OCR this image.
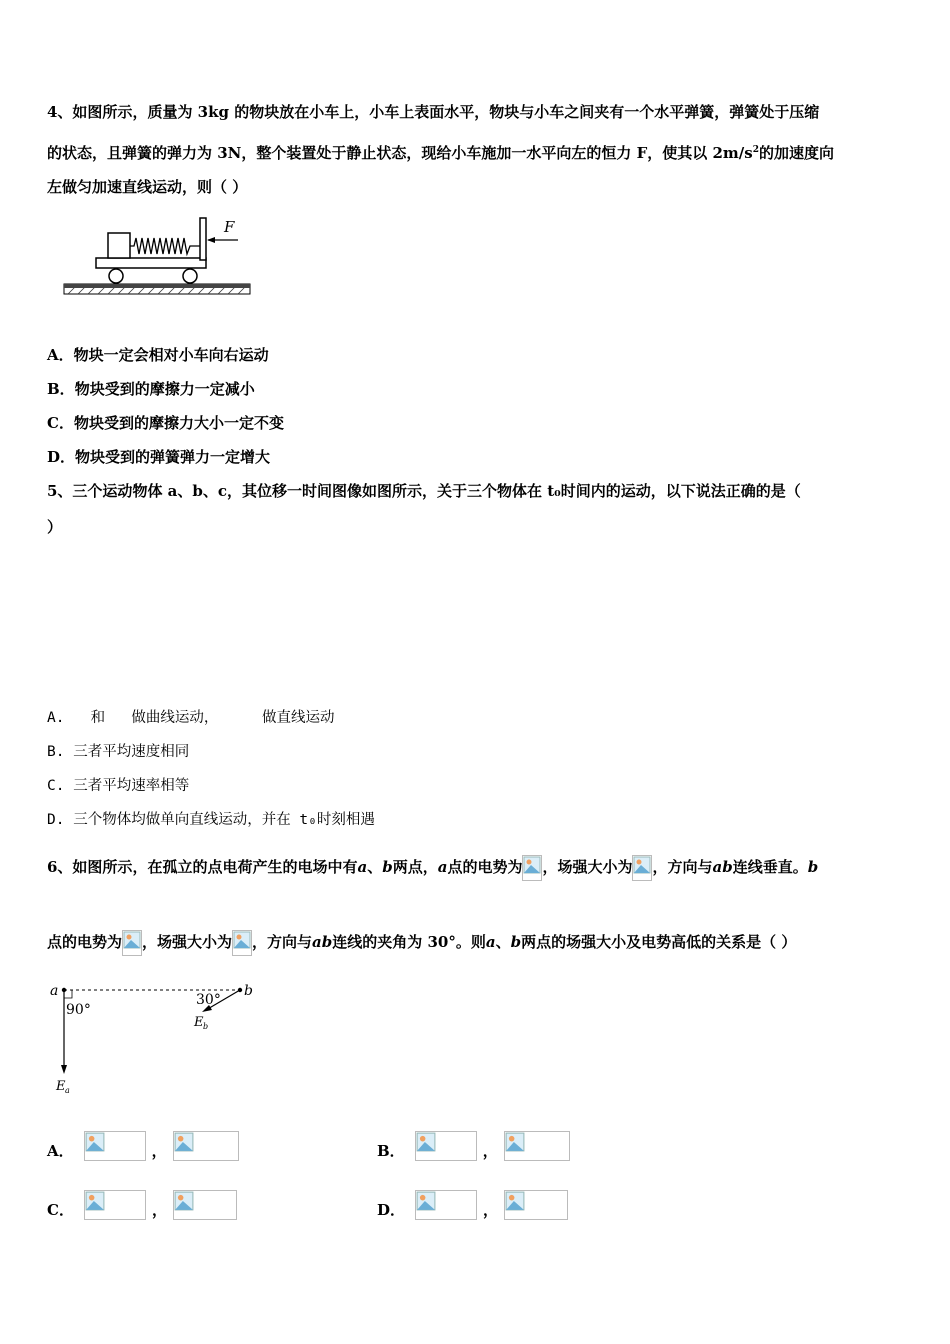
4、如图所示，质量为 3kg 的物块放在小车上，小车上表面水平，物块与小车之间夹有一个水平弹簧，弹簧处于压缩
的状态，且弹簧的弹力为 3N，整个装置处于静止状态，现给小车施加一水平向左的恒力 F，使其以 $2m/s^2$的加速度向
左做匀加速直线运动，则（ ）
F
A．物块一定会相对小车向右运动
B．物块受到的摩擦力一定减小
C．物块受到的摩擦力大小一定不变
D．物块受到的弹簧弹力一定增大
5、三个运动物体 a、b、c，其位移一时间图像如图所示，关于三个物体在 t₀时间内的运动，以下说法正确的是（
）
A.   和   做曲线运动，     做直线运动
B. 三者平均速度相同
C. 三者平均速率相等
D. 三个物体均做单向直线运动，并在 t₀时刻相遇
6、如图所示，在孤立的点电荷产生的电场中有a、b两点，a点的电势为 ，场强大小为 ，方向与ab连线垂直。b
点的电势为 ，场强大小为 ，方向与ab连线的夹角为 30°。则a、b两点的场强大小及电势高低的关系是（ ）
a	b
90°
30°
E b
E a
A．	，	B．	，
C．	，	D．	，
